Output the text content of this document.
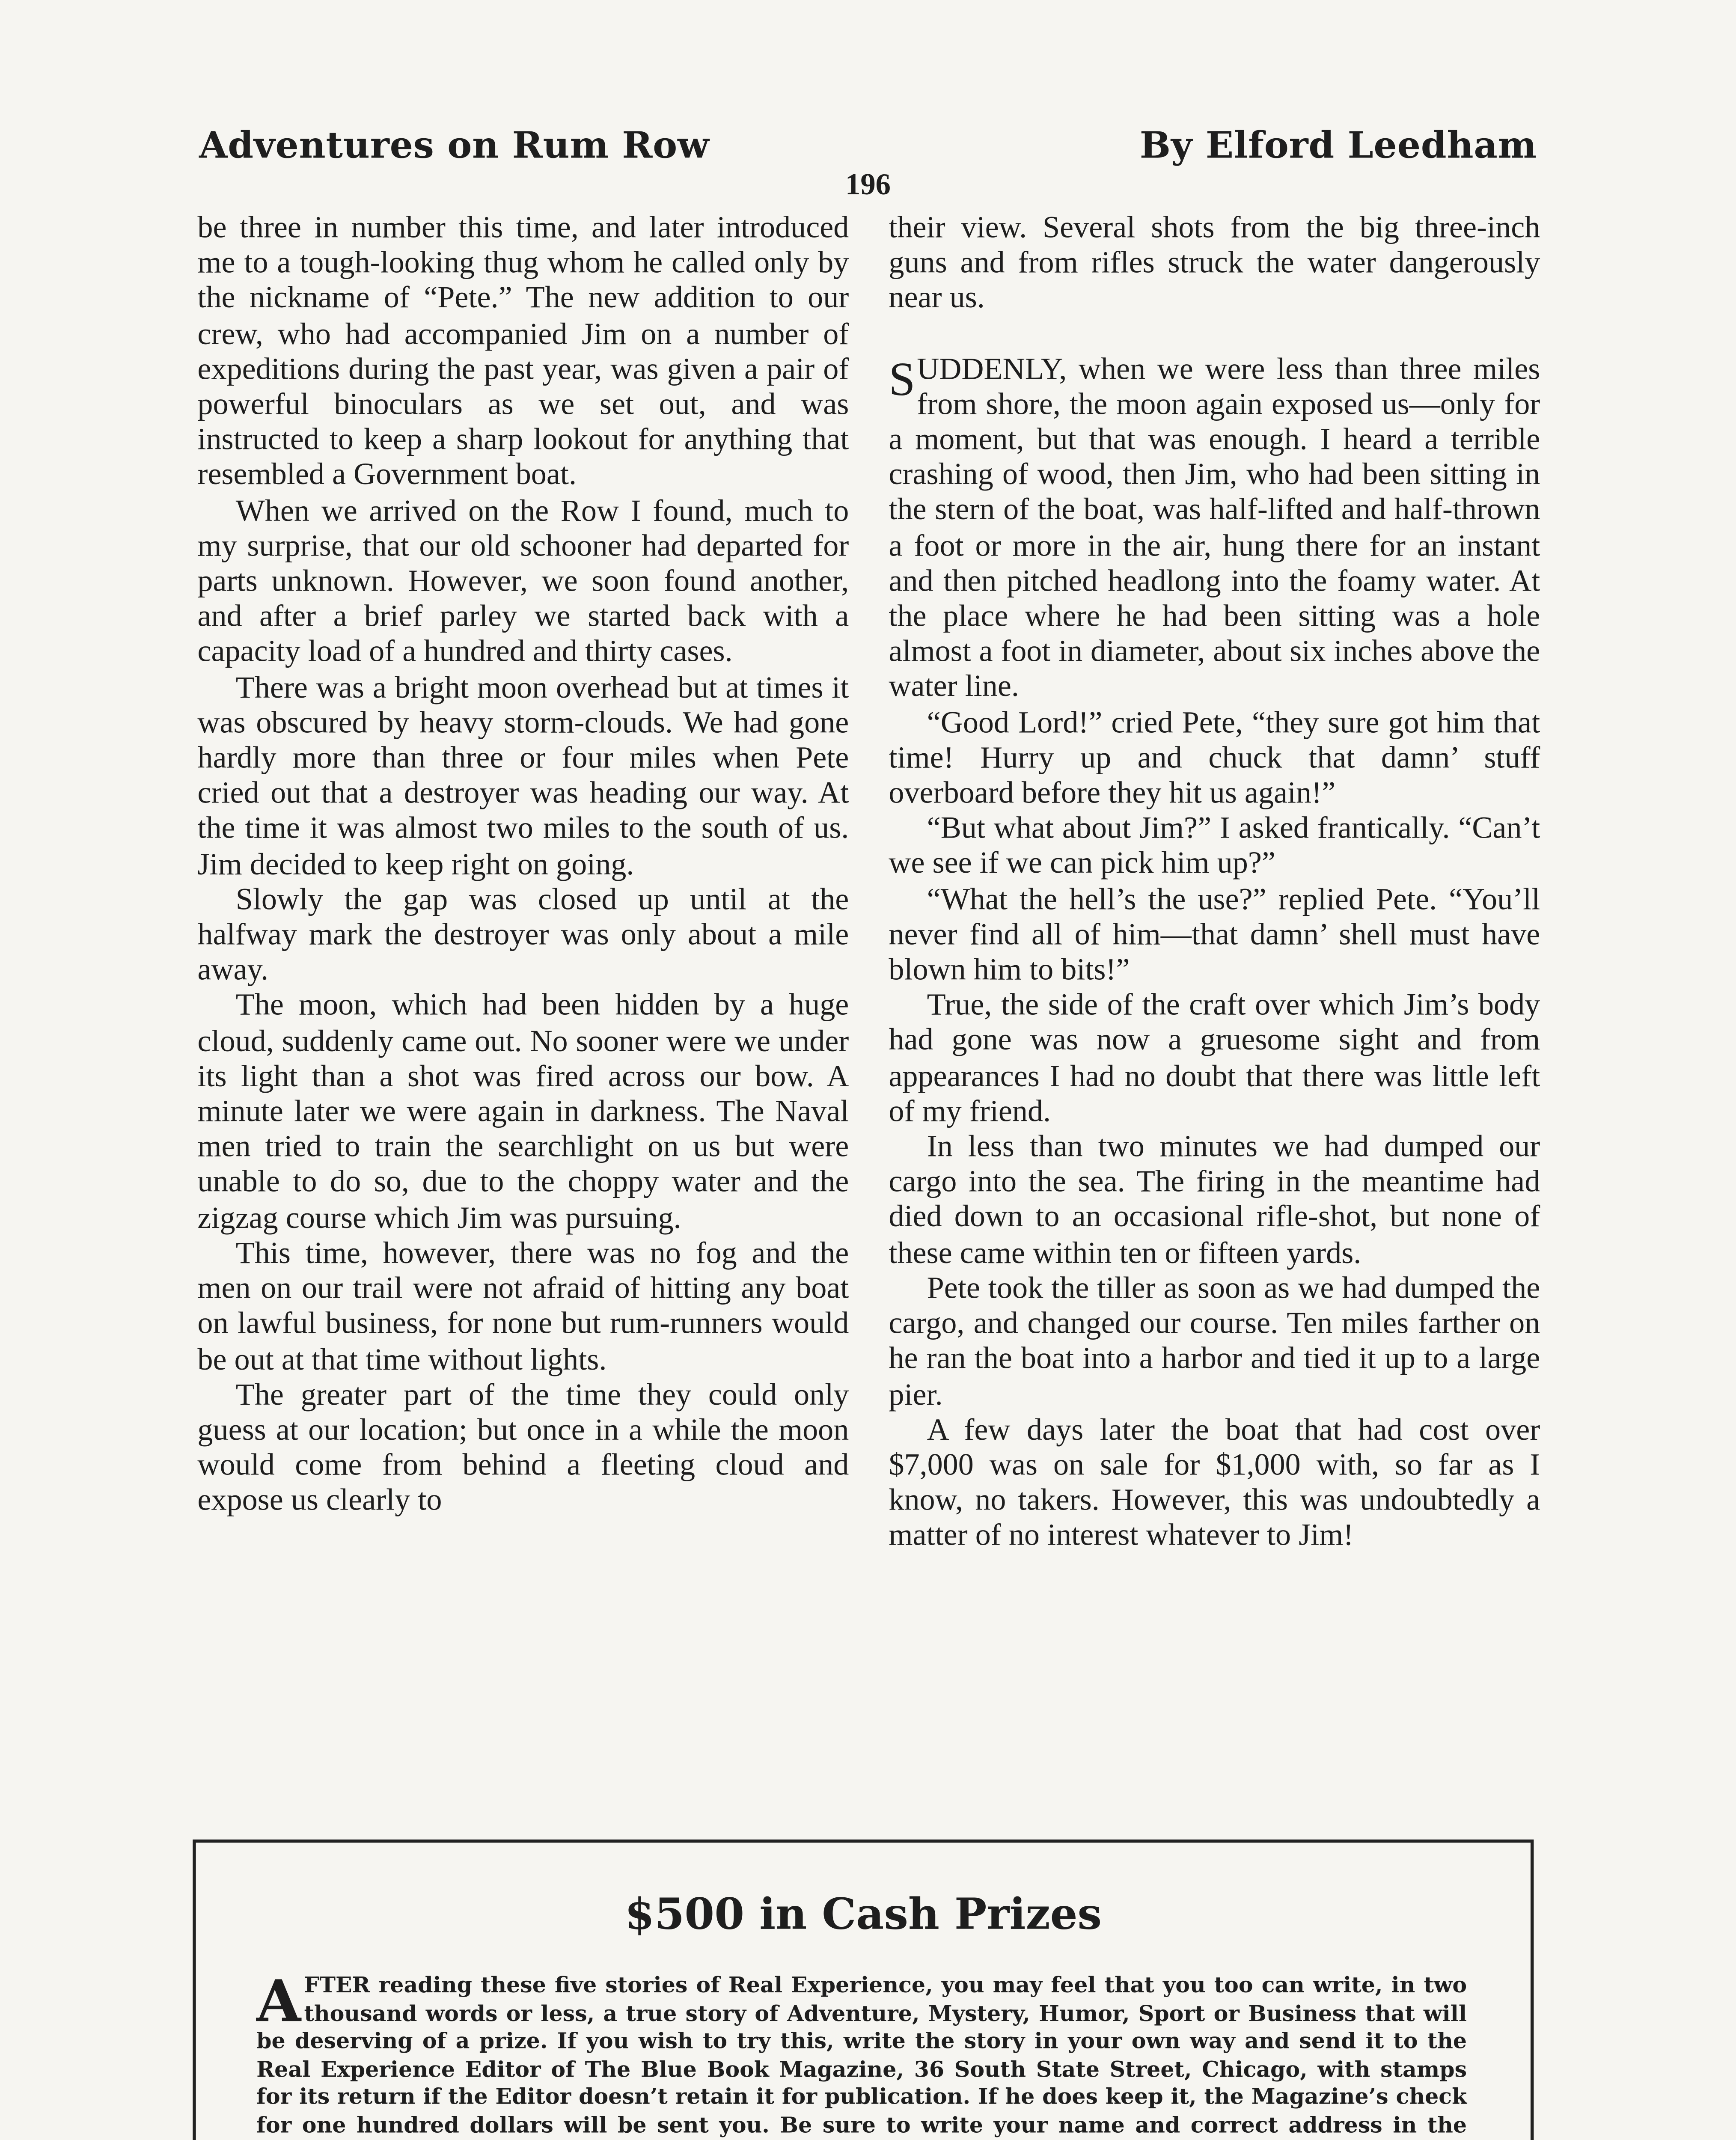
Adventures on Rum Row	By Elford Leedham
196

be three in number this time, and later introduced me to a tough-looking thug whom he called only by the nickname of “Pete.” The new addition to our crew, who had accompanied Jim on a number of expeditions during the past year, was given a pair of powerful binoculars as we set out, and was instructed to keep a sharp lookout for anything that resembled a Government boat.

When we arrived on the Row I found, much to my surprise, that our old schooner had departed for parts unknown. However, we soon found another, and after a brief parley we started back with a capacity load of a hundred and thirty cases.

There was a bright moon overhead but at times it was obscured by heavy storm-clouds. We had gone hardly more than three or four miles when Pete cried out that a destroyer was heading our way. At the time it was almost two miles to the south of us. Jim decided to keep right on going.

Slowly the gap was closed up until at the halfway mark the destroyer was only about a mile away.

The moon, which had been hidden by a huge cloud, suddenly came out. No sooner were we under its light than a shot was fired across our bow. A minute later we were again in darkness. The Naval men tried to train the searchlight on us but were unable to do so, due to the choppy water and the zigzag course which Jim was pursuing.

This time, however, there was no fog and the men on our trail were not afraid of hitting any boat on lawful business, for none but rum-runners would be out at that time without lights.

The greater part of the time they could only guess at our location; but once in a while the moon would come from behind a fleeting cloud and expose us clearly to

their view. Several shots from the big three-inch guns and from rifles struck the water dangerously near us.

SUDDENLY, when we were less than three miles from shore, the moon again exposed us—only for a moment, but that was enough. I heard a terrible crashing of wood, then Jim, who had been sitting in the stern of the boat, was half-lifted and half-thrown a foot or more in the air, hung there for an instant and then pitched headlong into the foamy water. At the place where he had been sitting was a hole almost a foot in diameter, about six inches above the water line.

“Good Lord!” cried Pete, “they sure got him that time! Hurry up and chuck that damn’ stuff overboard before they hit us again!”

“But what about Jim?” I asked frantically. “Can’t we see if we can pick him up?”

“What the hell’s the use?” replied Pete. “You’ll never find all of him—that damn’ shell must have blown him to bits!”

True, the side of the craft over which Jim’s body had gone was now a gruesome sight and from appearances I had no doubt that there was little left of my friend.

In less than two minutes we had dumped our cargo into the sea. The firing in the meantime had died down to an occasional rifle-shot, but none of these came within ten or fifteen yards.

Pete took the tiller as soon as we had dumped the cargo, and changed our course. Ten miles farther on he ran the boat into a harbor and tied it up to a large pier.

A few days later the boat that had cost over $7,000 was on sale for $1,000 with, so far as I know, no takers. However, this was undoubtedly a matter of no interest whatever to Jim!

$500 in Cash Prizes
AFTER reading these five stories of Real Experience, you may feel that you too can write, in two thousand words or less, a true story of Adventure, Mystery, Humor, Sport or Business that will be deserving of a prize. If you wish to try this, write the story in your own way and send it to the Real Experience Editor of The Blue Book Magazine, 36 South State Street, Chicago, with stamps for its return if the Editor doesn’t retain it for publication. If he does keep it, the Magazine’s check for one hundred dollars will be sent you. Be sure to write your name and correct address in the
